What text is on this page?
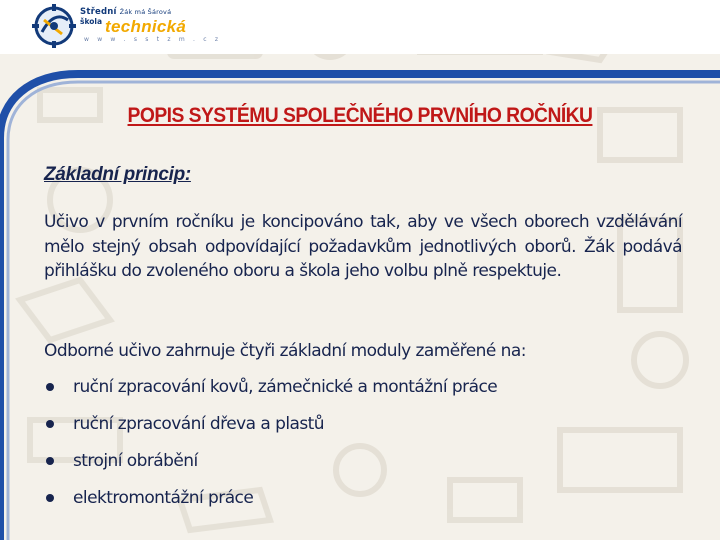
Střední Žák má Šárová
$^{škola}$ technická
w w w . s s t z m . c z
POPIS SYSTÉMU SPOLEČNÉHO PRVNÍHO ROČNÍKU
Základní princip:
Učivo v prvním ročníku je koncipováno tak, aby ve všech oborech vzdělávání mělo stejný obsah odpovídající požadavkům jednotlivých oborů. Žák podává přihlášku do zvoleného oboru a škola jeho volbu plně respektuje.
Odborné učivo zahrnuje čtyři základní moduly zaměřené na:
ruční zpracování kovů, zámečnické a montážní práce
ruční zpracování dřeva a plastů
strojní obrábění
elektromontážní práce
